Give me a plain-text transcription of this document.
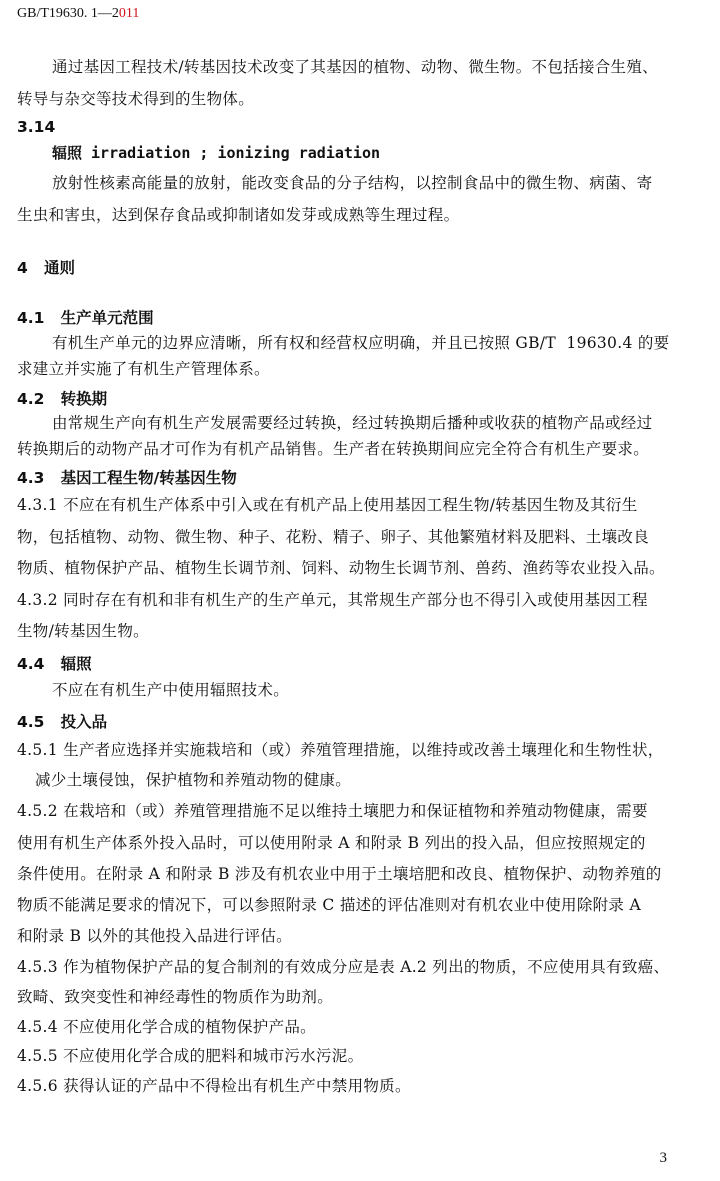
GB/T19630. 1—2011
通过基因工程技术/转基因技术改变了其基因的植物、动物、微生物。不包括接合生殖、
转导与杂交等技术得到的生物体。
3.14
辐照 irradiation ; ionizing radiation
放射性核素高能量的放射，能改变食品的分子结构，以控制食品中的微生物、病菌、寄
生虫和害虫，达到保存食品或抑制诸如发芽或成熟等生理过程。
4   通则
4.1   生产单元范围
有机生产单元的边界应清晰，所有权和经营权应明确，并且已按照 GB/T  19630.4 的要
求建立并实施了有机生产管理体系。
4.2   转换期
由常规生产向有机生产发展需要经过转换，经过转换期后播种或收获的植物产品或经过
转换期后的动物产品才可作为有机产品销售。生产者在转换期间应完全符合有机生产要求。
4.3   基因工程生物/转基因生物
4.3.1 不应在有机生产体系中引入或在有机产品上使用基因工程生物/转基因生物及其衍生
物，包括植物、动物、微生物、种子、花粉、精子、卵子、其他繁殖材料及肥料、土壤改良
物质、植物保护产品、植物生长调节剂、饲料、动物生长调节剂、兽药、渔药等农业投入品。
4.3.2 同时存在有机和非有机生产的生产单元，其常规生产部分也不得引入或使用基因工程
生物/转基因生物。
4.4   辐照
不应在有机生产中使用辐照技术。
4.5   投入品
4.5.1 生产者应选择并实施栽培和（或）养殖管理措施，以维持或改善土壤理化和生物性状，
减少土壤侵蚀，保护植物和养殖动物的健康。
4.5.2 在栽培和（或）养殖管理措施不足以维持土壤肥力和保证植物和养殖动物健康，需要
使用有机生产体系外投入品时，可以使用附录 A 和附录 B 列出的投入品，但应按照规定的
条件使用。在附录 A 和附录 B 涉及有机农业中用于土壤培肥和改良、植物保护、动物养殖的
物质不能满足要求的情况下，可以参照附录 C 描述的评估准则对有机农业中使用除附录 A
和附录 B 以外的其他投入品进行评估。
4.5.3 作为植物保护产品的复合制剂的有效成分应是表 A.2 列出的物质，不应使用具有致癌、
致畸、致突变性和神经毒性的物质作为助剂。
4.5.4 不应使用化学合成的植物保护产品。
4.5.5 不应使用化学合成的肥料和城市污水污泥。
4.5.6 获得认证的产品中不得检出有机生产中禁用物质。
3
